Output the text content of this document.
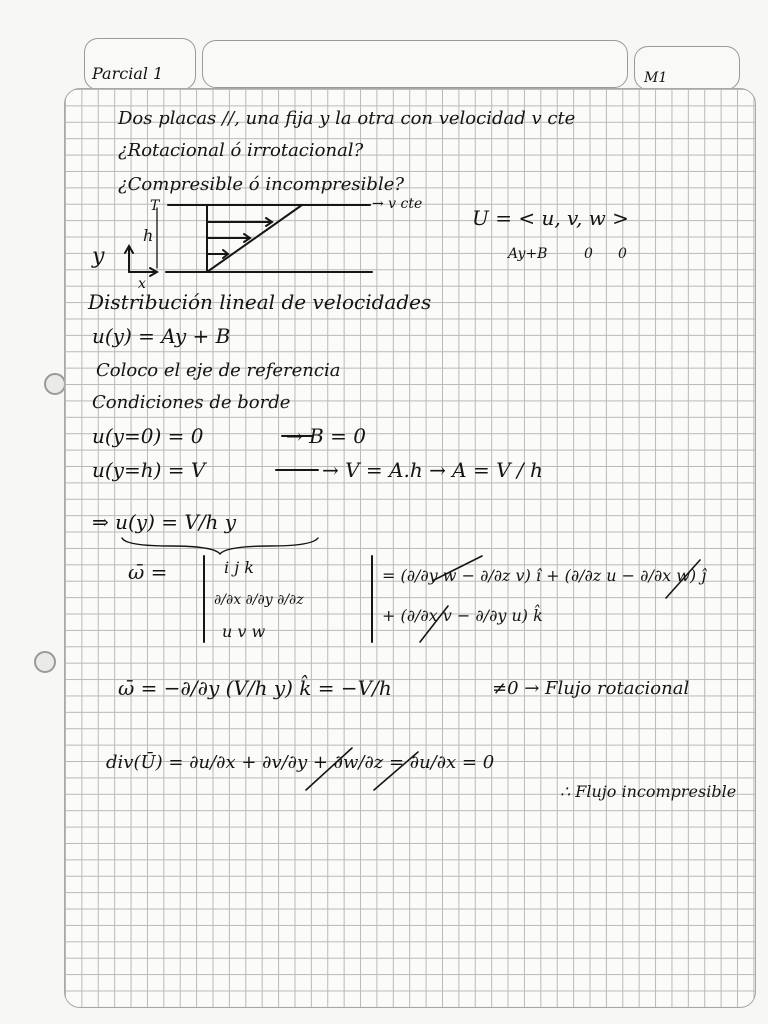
Parcial 1	M1
Dos placas //, una fija y la otra con velocidad v cte
¿Rotacional ó irrotacional?
¿Compresible ó incompresible?
→ v cte
T
h
y
x
U = < u, v, w >
Ay+B	0 0
Distribución lineal de velocidades
u(y) = Ay + B
Coloco el eje de referencia
Condiciones de borde
u(y=0) = 0	→ B = 0
u(y=h) = V	→ V = A.h → A = V / h
⇒ u(y) = V/h y
ω̄ =	i j k
∂/∂x ∂/∂y ∂/∂z
u v w
= (∂/∂y w − ∂/∂z v) î + (∂/∂z u − ∂/∂x w) ĵ
+ (∂/∂x v − ∂/∂y u) k̂
ω̄ = −∂/∂y (V/h y) k̂ = −V/h	≠0 → Flujo rotacional
div(Ū) = ∂u/∂x + ∂v/∂y + ∂w/∂z = ∂u/∂x = 0
∴ Flujo incompresible
